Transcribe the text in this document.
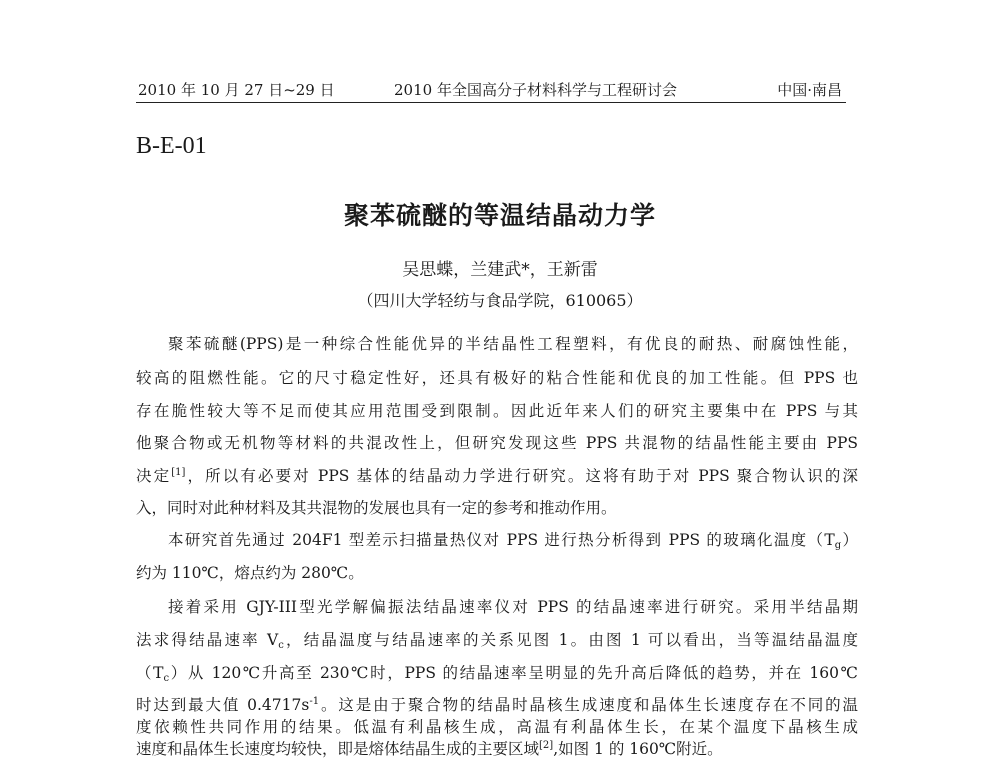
2010 年 10 月 27 日~29 日	2010 年全国高分子材料科学与工程研讨会	中国·南昌
B-E-01
聚苯硫醚的等温结晶动力学
吴思蝶，兰建武*，王新雷
（四川大学轻纺与食品学院，610065）
聚苯硫醚(PPS)是一种综合性能优异的半结晶性工程塑料，有优良的耐热、耐腐蚀性能，
较高的阻燃性能。它的尺寸稳定性好，还具有极好的粘合性能和优良的加工性能。但 PPS 也
存在脆性较大等不足而使其应用范围受到限制。因此近年来人们的研究主要集中在 PPS 与其
他聚合物或无机物等材料的共混改性上，但研究发现这些 PPS 共混物的结晶性能主要由 PPS
决定[1]，所以有必要对 PPS 基体的结晶动力学进行研究。这将有助于对 PPS 聚合物认识的深
入，同时对此种材料及其共混物的发展也具有一定的参考和推动作用。
本研究首先通过 204F1 型差示扫描量热仪对 PPS 进行热分析得到 PPS 的玻璃化温度$(T_g)$
约为 110℃，熔点约为 280℃。
接着采用 GJY-III型光学解偏振法结晶速率仪对 PPS 的结晶速率进行研究。采用半结晶期
法求得结晶速率 $V_c$，结晶温度与结晶速率的关系见图 1。由图 1 可以看出，当等温结晶温度
$(T_c)$从 120℃升高至 230℃时，PPS 的结晶速率呈明显的先升高后降低的趋势，并在 160℃
时达到最大值 $0.4717s^{-1}$。这是由于聚合物的结晶时晶核生成速度和晶体生长速度存在不同的温
度依赖性共同作用的结果。低温有利晶核生成，高温有利晶体生长，在某个温度下晶核生成
速度和晶体生长速度均较快，即是熔体结晶生成的主要区域[2],如图 1 的 160℃附近。
